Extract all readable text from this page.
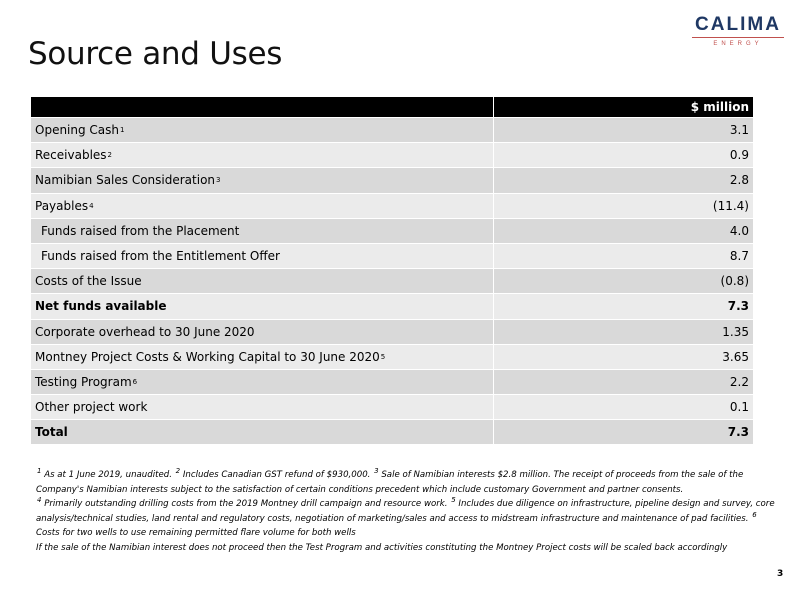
Source and Uses
CALIMA
ENERGY
$ million
Opening Cash 1	3.1
Receivables 2	0.9
Namibian Sales Consideration 3	2.8
Payables 4	(11.4)
Funds raised from the Placement	4.0
Funds raised from the Entitlement Offer	8.7
Costs of the Issue	(0.8)
Net funds available	7.3
Corporate overhead to 30 June 2020	1.35
Montney Project Costs & Working Capital to 30 June 2020 5	3.65
Testing Program 6	2.2
Other project work	0.1
Total	7.3

$^1$ As at 1 June 2019, unaudited. $^2$ Includes Canadian GST refund of $930,000. $^3$ Sale of Namibian interests $2.8 million. The receipt of proceeds from the sale of the Company's Namibian interests subject to the satisfaction of certain conditions precedent which include customary Government and partner consents.
$^4$ Primarily outstanding drilling costs from the 2019 Montney drill campaign and resource work. $^5$ Includes due diligence on infrastructure, pipeline design and survey, core analysis/technical studies, land rental and regulatory costs, negotiation of marketing/sales and access to midstream infrastructure and maintenance of pad facilities. $^6$ Costs for two wells to use remaining permitted flare volume for both wells

If the sale of the Namibian interest does not proceed then the Test Program and activities constituting the Montney Project costs will be scaled back accordingly

3
